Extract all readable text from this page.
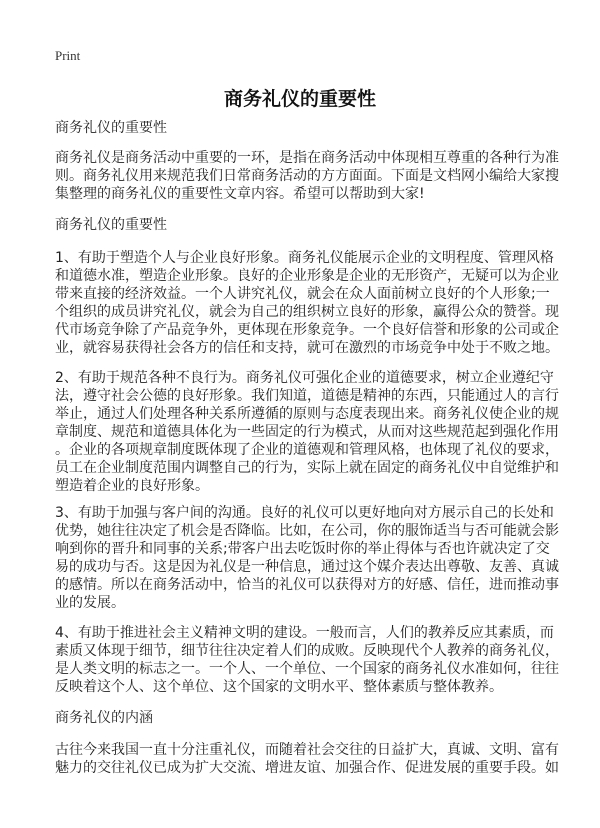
Print
商务礼仪的重要性
商务礼仪的重要性
商务礼仪是商务活动中重要的一环，是指在商务活动中体现相互尊重的各种行为准
则。商务礼仪用来规范我们日常商务活动的方方面面。下面是文档网小编给大家搜
集整理的商务礼仪的重要性文章内容。希望可以帮助到大家!
商务礼仪的重要性
1、有助于塑造个人与企业良好形象。商务礼仪能展示企业的文明程度、管理风格
和道德水准，塑造企业形象。良好的企业形象是企业的无形资产，无疑可以为企业
带来直接的经济效益。一个人讲究礼仪，就会在众人面前树立良好的个人形象;一
个组织的成员讲究礼仪，就会为自己的组织树立良好的形象，赢得公众的赞誉。现
代市场竞争除了产品竞争外，更体现在形象竞争。一个良好信誉和形象的公司或企
业，就容易获得社会各方的信任和支持，就可在激烈的市场竞争中处于不败之地。
2、有助于规范各种不良行为。商务礼仪可强化企业的道德要求，树立企业遵纪守
法，遵守社会公德的良好形象。我们知道，道德是精神的东西，只能通过人的言行
举止，通过人们处理各种关系所遵循的原则与态度表现出来。商务礼仪使企业的规
章制度、规范和道德具体化为一些固定的行为模式，从而对这些规范起到强化作用
。企业的各项规章制度既体现了企业的道德观和管理风格，也体现了礼仪的要求，
员工在企业制度范围内调整自己的行为，实际上就在固定的商务礼仪中自觉维护和
塑造着企业的良好形象。
3、有助于加强与客户间的沟通。良好的礼仪可以更好地向对方展示自己的长处和
优势，她往往决定了机会是否降临。比如，在公司，你的服饰适当与否可能就会影
响到你的晋升和同事的关系;带客户出去吃饭时你的举止得体与否也许就决定了交
易的成功与否。这是因为礼仪是一种信息，通过这个媒介表达出尊敬、友善、真诚
的感情。所以在商务活动中，恰当的礼仪可以获得对方的好感、信任，进而推动事
业的发展。
4、有助于推进社会主义精神文明的建设。一般而言，人们的教养反应其素质，而
素质又体现于细节，细节往往决定着人们的成败。反映现代个人教养的商务礼仪，
是人类文明的标志之一。一个人、一个单位、一个国家的商务礼仪水准如何，往往
反映着这个人、这个单位、这个国家的文明水平、整体素质与整体教养。
商务礼仪的内涵
古往今来我国一直十分注重礼仪，而随着社会交往的日益扩大，真诚、文明、富有
魅力的交往礼仪已成为扩大交流、增进友谊、加强合作、促进发展的重要手段。如
